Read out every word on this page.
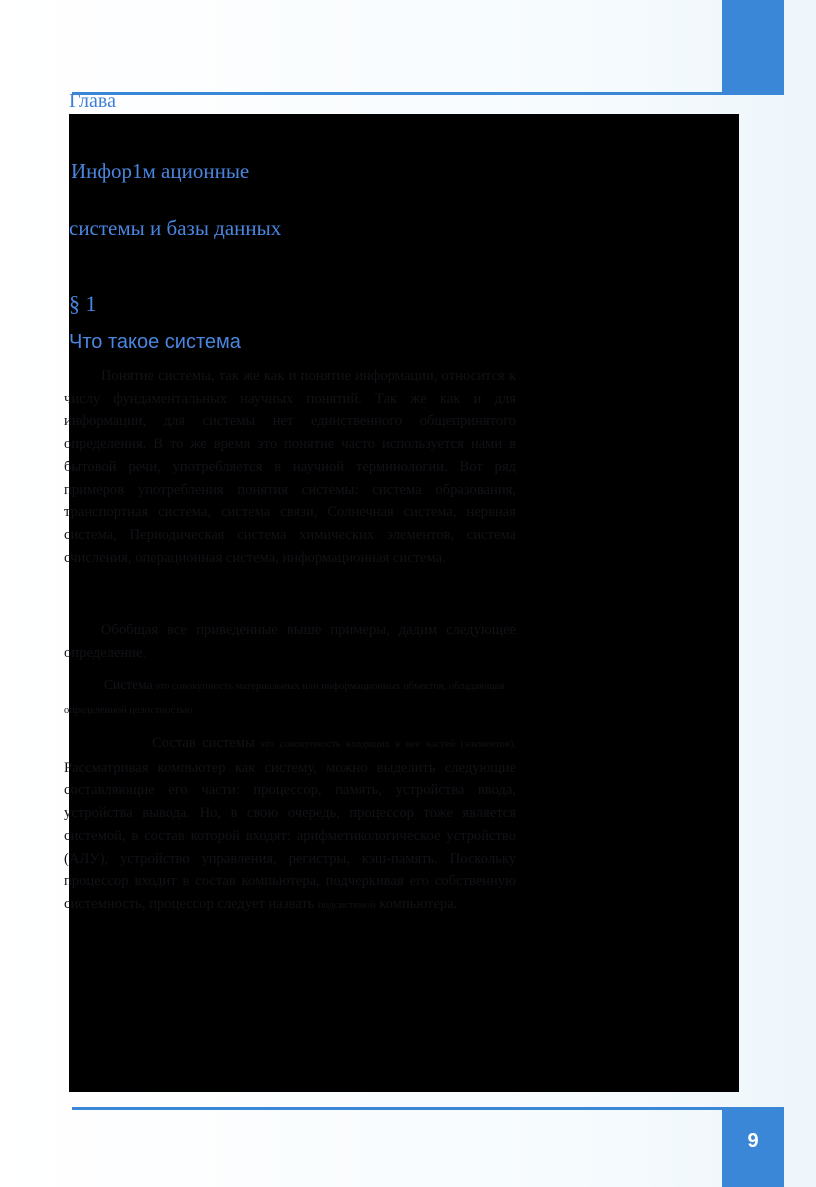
Глава
Инфор1м ационные
системы и базы данных
§ 1
Что такое система

Понятие системы, так же как и понятие информации, относится к числу фундаментальных научных понятий. Так же как и для информации, для системы нет единственного общепринятого определения. В то же время это понятие часто используется нами в бытовой речи, употребляется в научной терминологии. Вот ряд примеров употребления понятия системы: система образования, транспортная система, система связи, Солнечная система, нервная система, Периодическая система химических элементов, система счисления, операционная система, информационная система.

Обобщая все приведенные выше примеры, дадим следующее определение.

Система это совокупность материальных или информационных объектов, обладающая определенной целостностью

Состав системы это совокупность входящих в нее частей (элементов). Рассматривая компьютер как систему, можно выделить следующие составляющие его части: процессор, память, устройства ввода, устройства вывода. Но, в свою очередь, процессор тоже является системой, в состав которой входят: арифметикологическое устройство (АЛУ), устройство управления, регистры, кэш-память. Поскольку процессор входит в состав компьютера, подчеркивая его собственную системность, процессор следует назвать подсистемой компьютера.

9
